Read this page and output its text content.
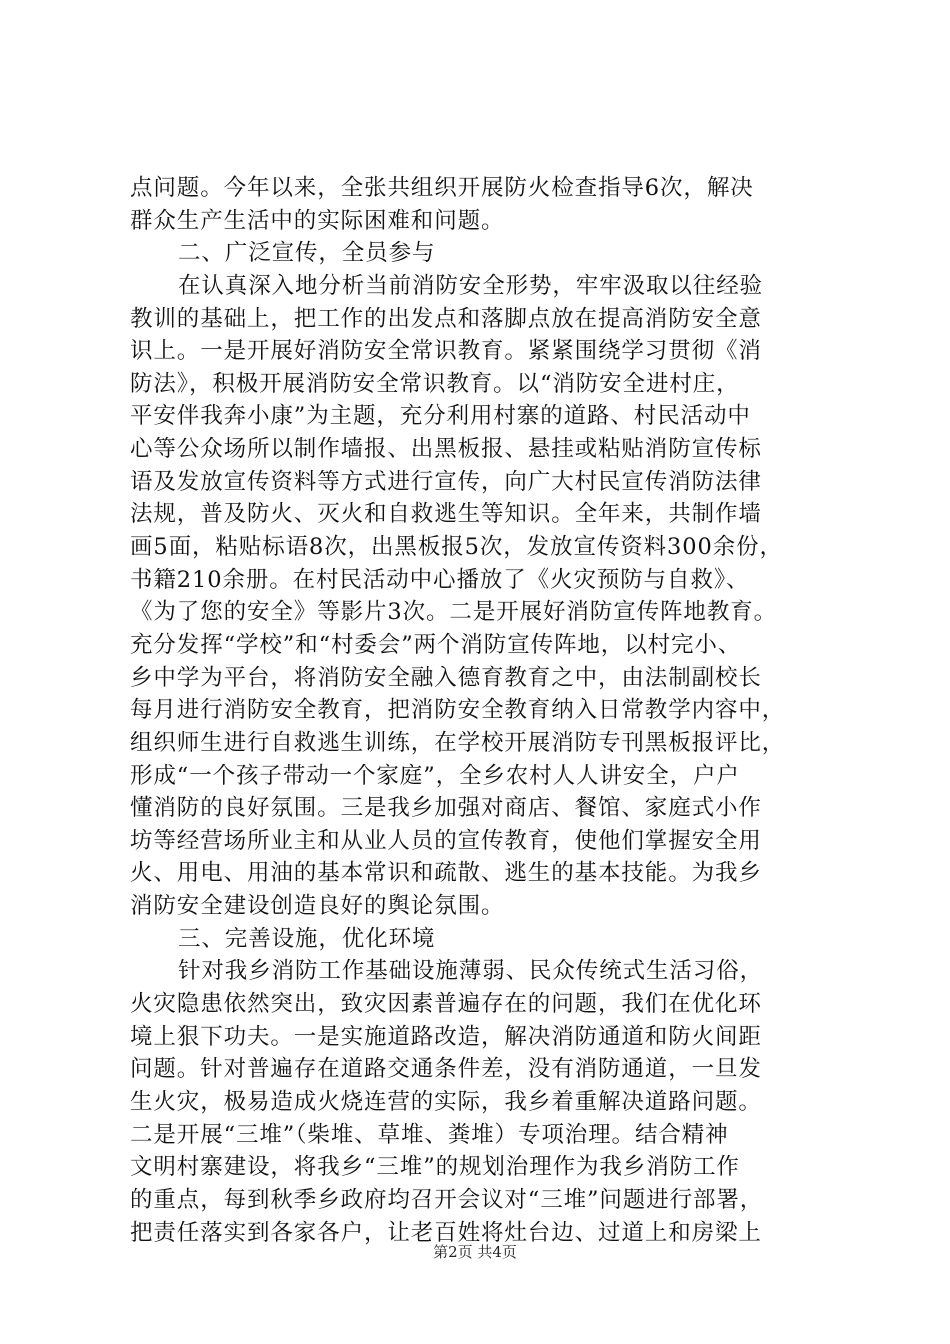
点问题。今年以来，全张共组织开展防火检查指导6次，解决
群众生产生活中的实际困难和问题。
二、广泛宣传，全员参与
在认真深入地分析当前消防安全形势，牢牢汲取以往经验
教训的基础上，把工作的出发点和落脚点放在提高消防安全意
识上。一是开展好消防安全常识教育。紧紧围绕学习贯彻《消
防法》，积极开展消防安全常识教育。以“消防安全进村庄，
平安伴我奔小康”为主题，充分利用村寨的道路、村民活动中
心等公众场所以制作墙报、出黑板报、悬挂或粘贴消防宣传标
语及发放宣传资料等方式进行宣传，向广大村民宣传消防法律
法规，普及防火、灭火和自救逃生等知识。全年来，共制作墙
画5面，粘贴标语8次，出黑板报5次，发放宣传资料300余份，
书籍210余册。在村民活动中心播放了《火灾预防与自救》、
《为了您的安全》等影片3次。二是开展好消防宣传阵地教育。
充分发挥“学校”和“村委会”两个消防宣传阵地，以村完小、
乡中学为平台，将消防安全融入德育教育之中，由法制副校长
每月进行消防安全教育，把消防安全教育纳入日常教学内容中，
组织师生进行自救逃生训练，在学校开展消防专刊黑板报评比，
形成“一个孩子带动一个家庭”，全乡农村人人讲安全，户户
懂消防的良好氛围。三是我乡加强对商店、餐馆、家庭式小作
坊等经营场所业主和从业人员的宣传教育，使他们掌握安全用
火、用电、用油的基本常识和疏散、逃生的基本技能。为我乡
消防安全建设创造良好的舆论氛围。
三、完善设施，优化环境
针对我乡消防工作基础设施薄弱、民众传统式生活习俗，
火灾隐患依然突出，致灾因素普遍存在的问题，我们在优化环
境上狠下功夫。一是实施道路改造，解决消防通道和防火间距
问题。针对普遍存在道路交通条件差，没有消防通道，一旦发
生火灾，极易造成火烧连营的实际，我乡着重解决道路问题。
二是开展“三堆”（柴堆、草堆、粪堆）专项治理。结合精神
文明村寨建设，将我乡“三堆”的规划治理作为我乡消防工作
的重点，每到秋季乡政府均召开会议对“三堆”问题进行部署，
把责任落实到各家各户，让老百姓将灶台边、过道上和房梁上
第2页 共4页
